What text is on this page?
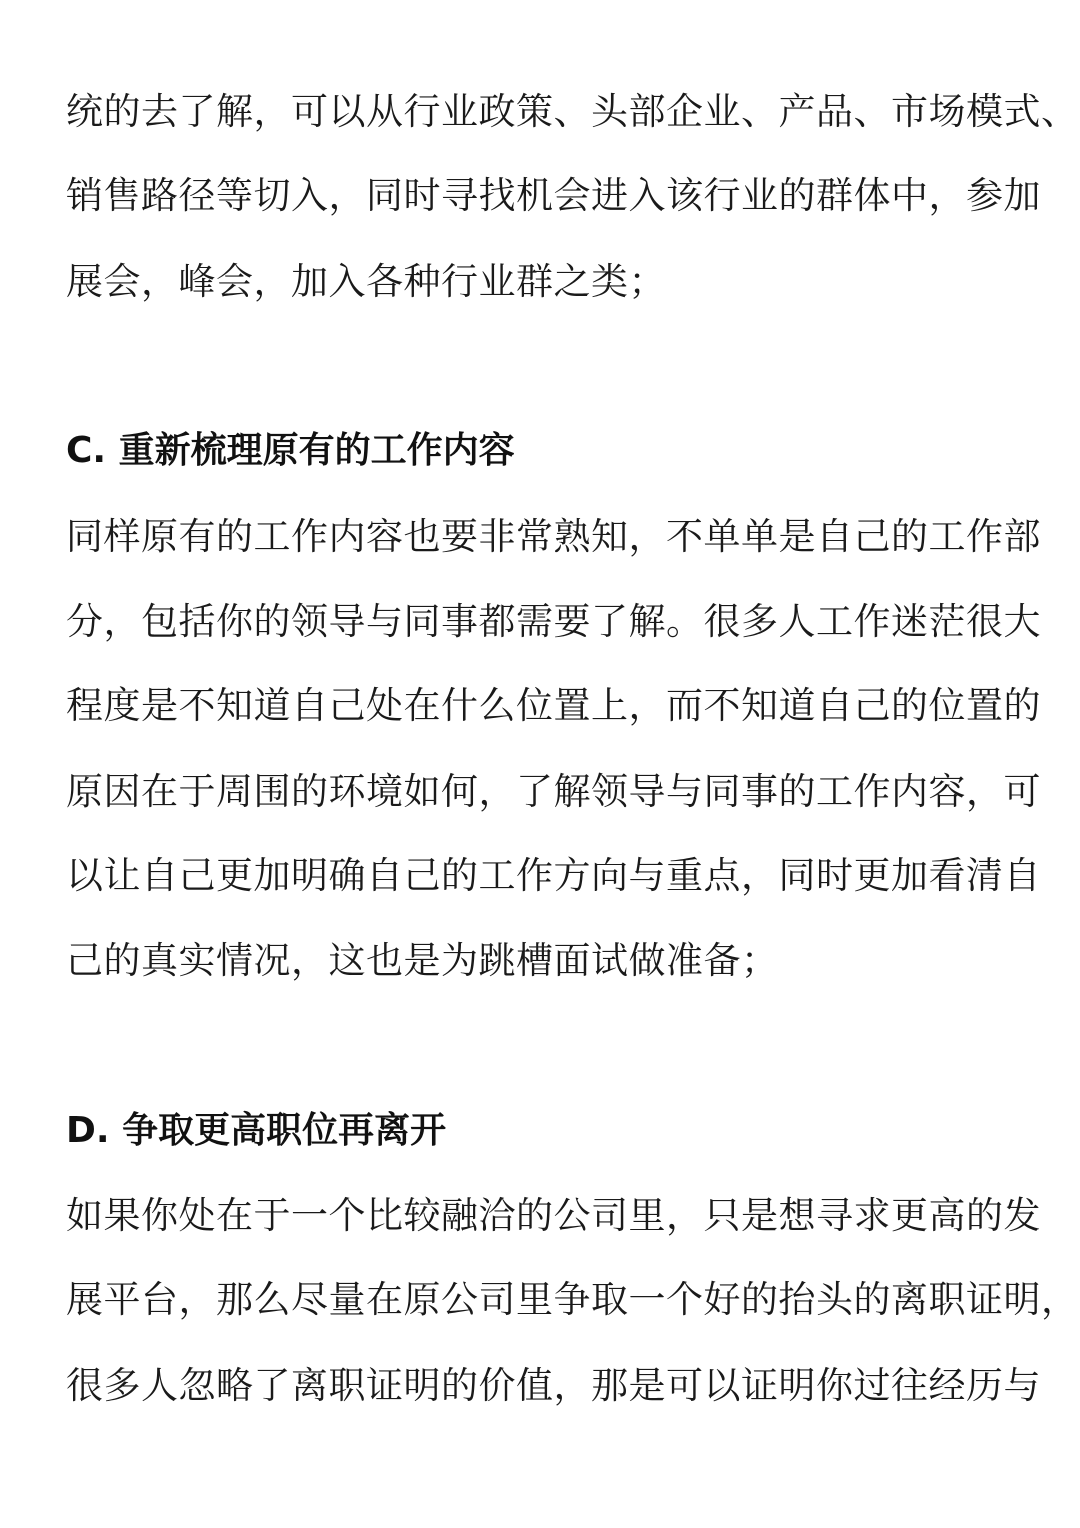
统的去了解，可以从行业政策、头部企业、产品、市场模式、
销售路径等切入，同时寻找机会进入该行业的群体中，参加
展会，峰会，加入各种行业群之类；
C. 重新梳理原有的工作内容
同样原有的工作内容也要非常熟知，不单单是自己的工作部
分，包括你的领导与同事都需要了解。很多人工作迷茫很大
程度是不知道自己处在什么位置上，而不知道自己的位置的
原因在于周围的环境如何，了解领导与同事的工作内容，可
以让自己更加明确自己的工作方向与重点，同时更加看清自
己的真实情况，这也是为跳槽面试做准备；
D. 争取更高职位再离开
如果你处在于一个比较融洽的公司里，只是想寻求更高的发
展平台，那么尽量在原公司里争取一个好的抬头的离职证明，
很多人忽略了离职证明的价值，那是可以证明你过往经历与
